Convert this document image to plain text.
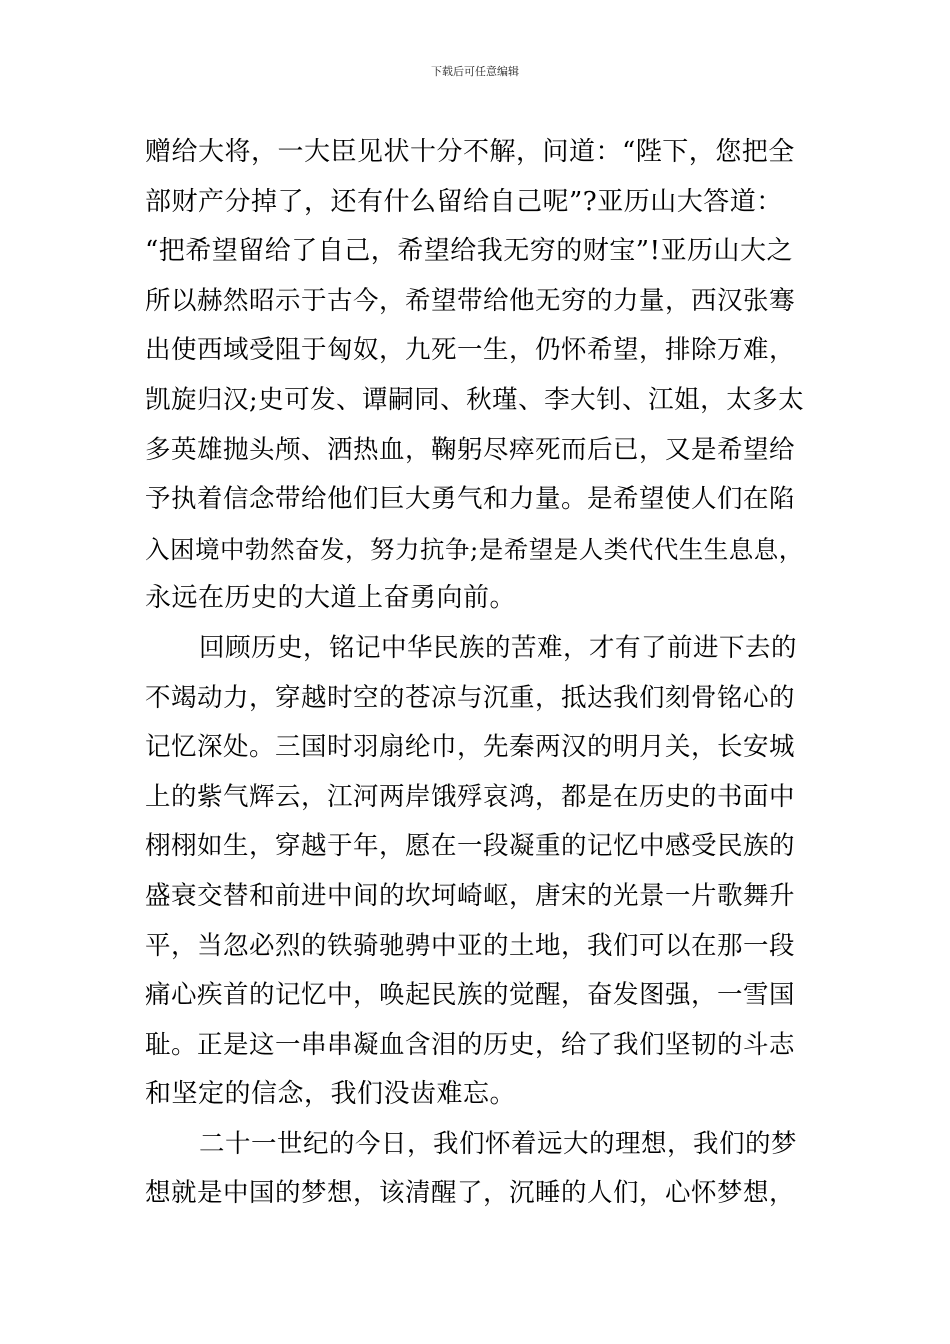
下载后可任意编辑
赠给大将，一大臣见状十分不解，问道：“陛下，您把全
部财产分掉了，还有什么留给自己呢”?亚历山大答道：
“把希望留给了自己，希望给我无穷的财宝”!亚历山大之
所以赫然昭示于古今，希望带给他无穷的力量，西汉张骞
出使西域受阻于匈奴，九死一生，仍怀希望，排除万难，
凯旋归汉;史可发、谭嗣同、秋瑾、李大钊、江姐，太多太
多英雄抛头颅、洒热血，鞠躬尽瘁死而后已，又是希望给
予执着信念带给他们巨大勇气和力量。是希望使人们在陷
入困境中勃然奋发，努力抗争;是希望是人类代代生生息息，
永远在历史的大道上奋勇向前。
回顾历史，铭记中华民族的苦难，才有了前进下去的
不竭动力，穿越时空的苍凉与沉重，抵达我们刻骨铭心的
记忆深处。三国时羽扇纶巾，先秦两汉的明月关，长安城
上的紫气辉云，江河两岸饿殍哀鸿，都是在历史的书面中
栩栩如生，穿越于年，愿在一段凝重的记忆中感受民族的
盛衰交替和前进中间的坎坷崎岖，唐宋的光景一片歌舞升
平，当忽必烈的铁骑驰骋中亚的土地，我们可以在那一段
痛心疾首的记忆中，唤起民族的觉醒，奋发图强，一雪国
耻。正是这一串串凝血含泪的历史，给了我们坚韧的斗志
和坚定的信念，我们没齿难忘。
二十一世纪的今日，我们怀着远大的理想，我们的梦
想就是中国的梦想，该清醒了，沉睡的人们，心怀梦想，
